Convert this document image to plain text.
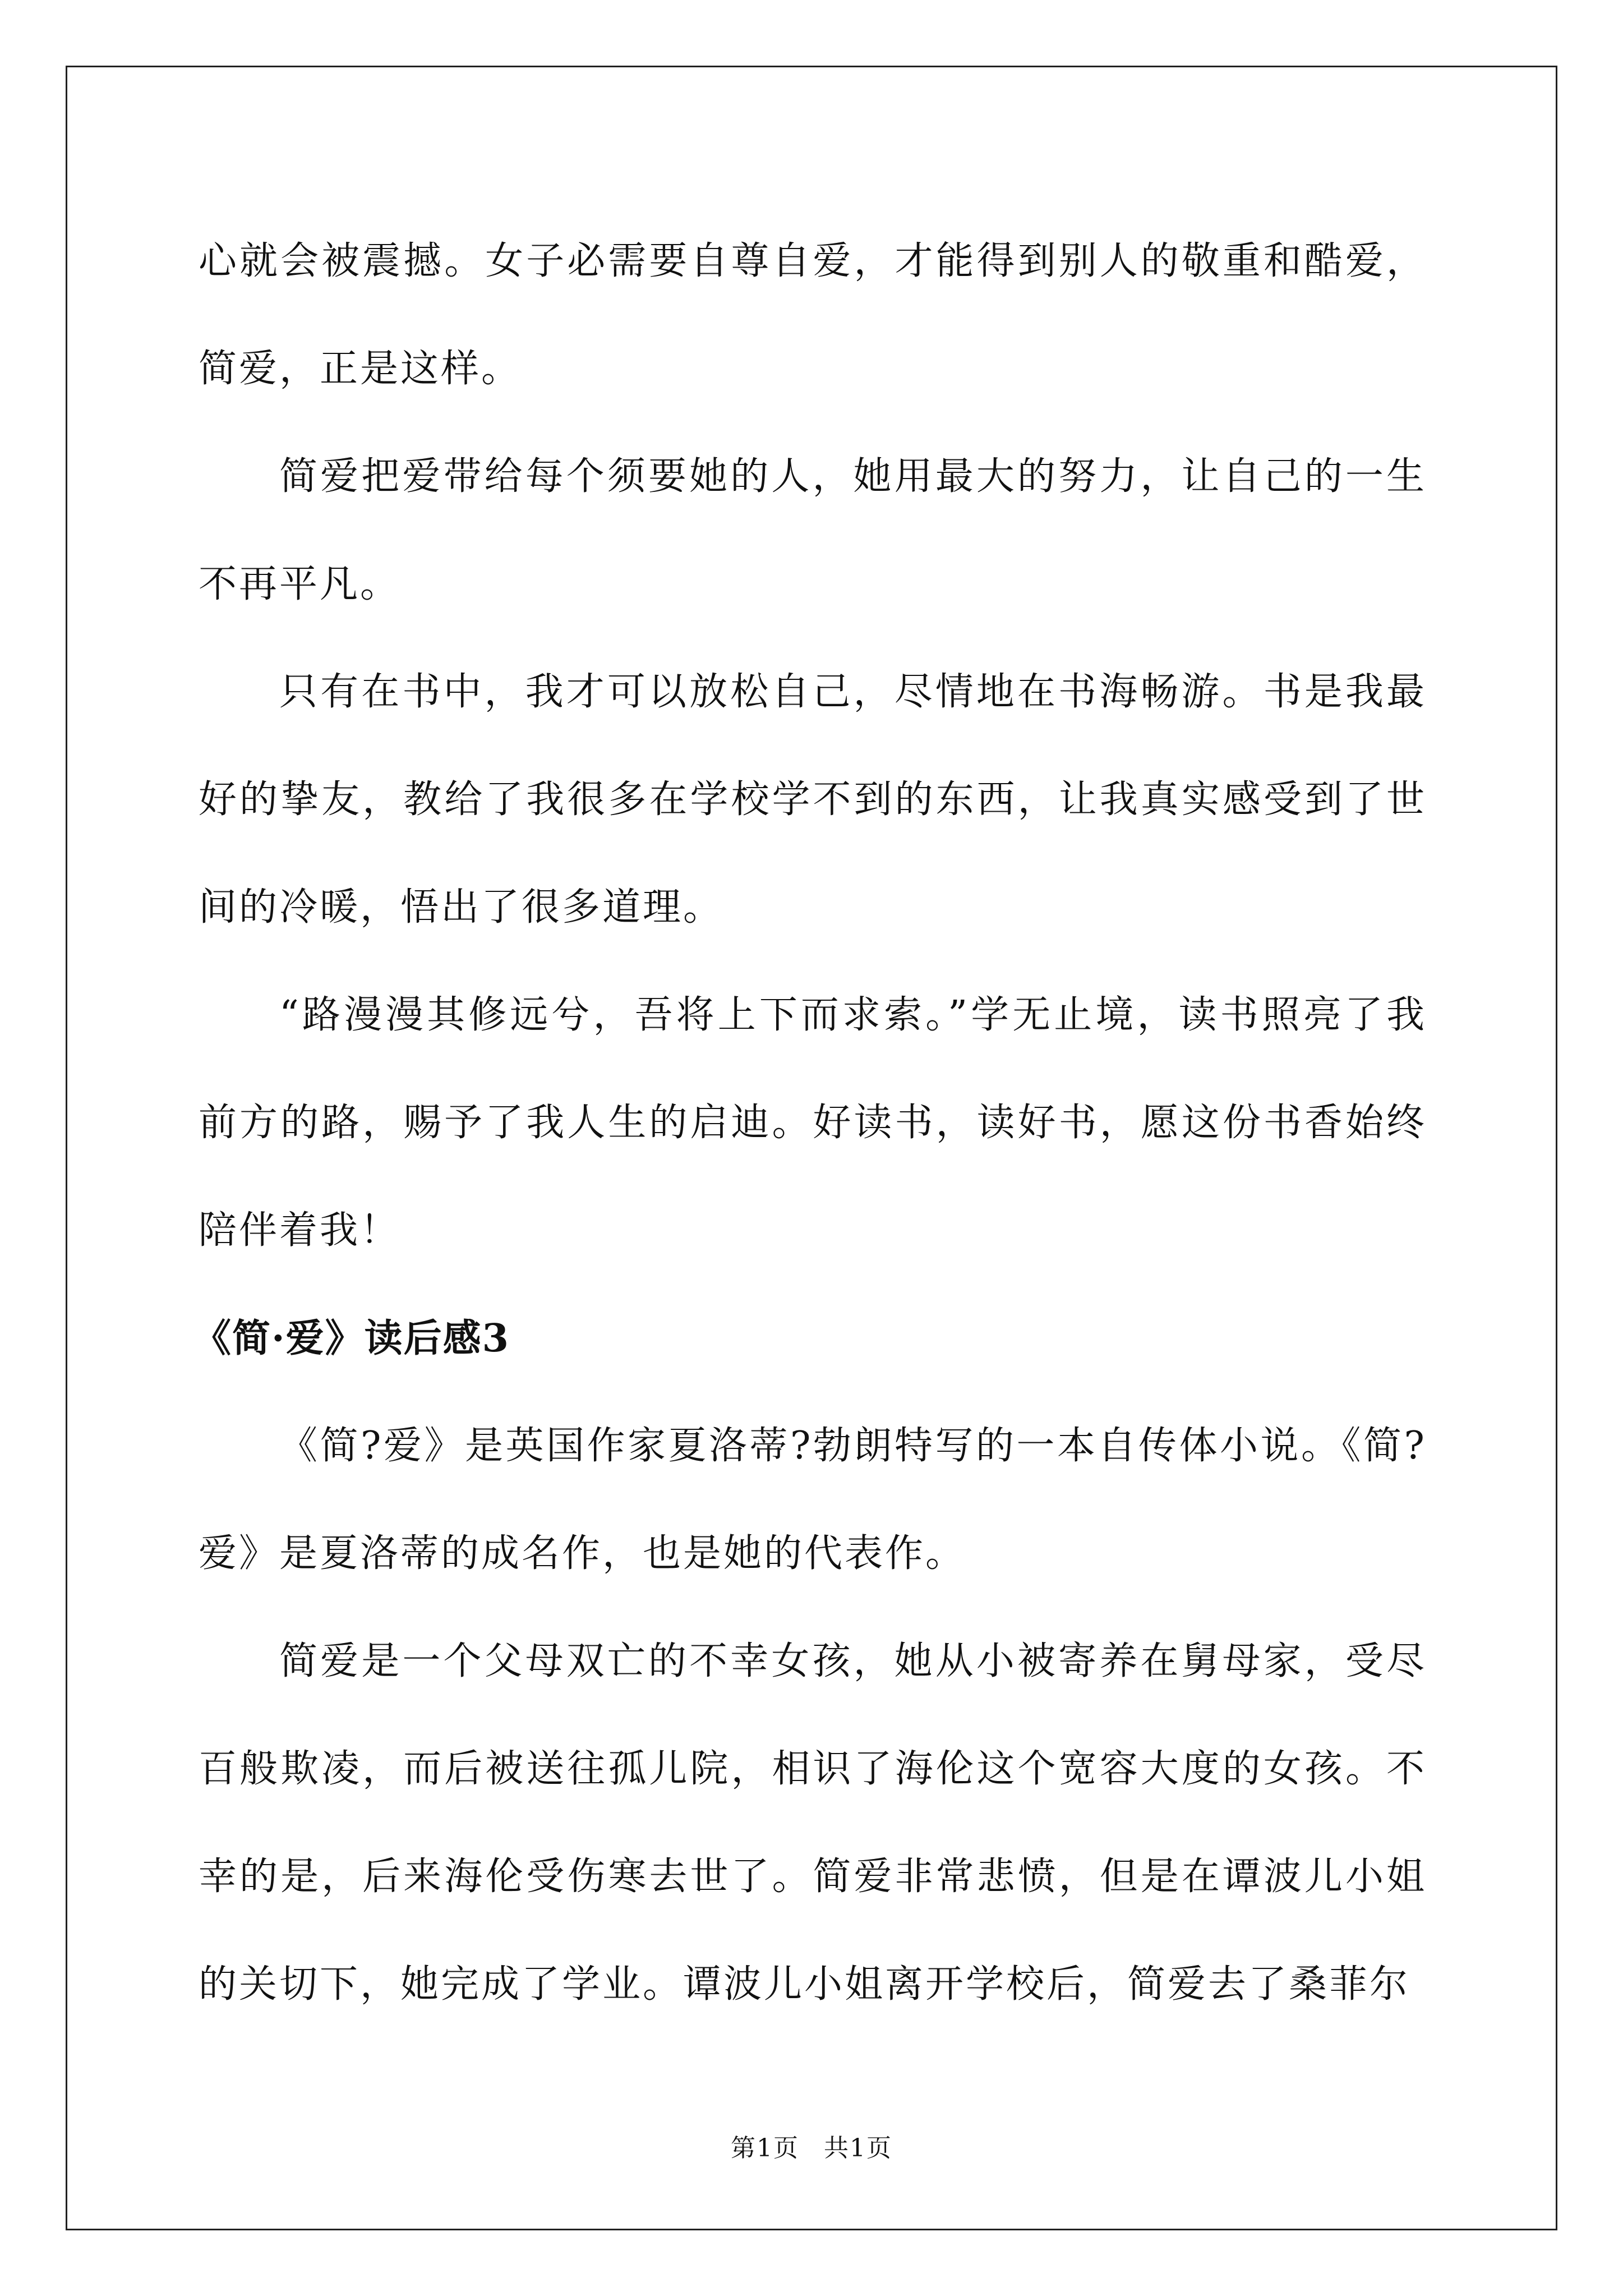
心就会被震撼。女子必需要自尊自爱，才能得到别人的敬重和酷爱，简爱，正是这样。

简爱把爱带给每个须要她的人，她用最大的努力，让自己的一生不再平凡。

只有在书中，我才可以放松自己，尽情地在书海畅游。书是我最好的挚友，教给了我很多在学校学不到的东西，让我真实感受到了世间的冷暖，悟出了很多道理。

“路漫漫其修远兮，吾将上下而求索。”学无止境，读书照亮了我前方的路，赐予了我人生的启迪。好读书，读好书，愿这份书香始终陪伴着我！

《简·爱》读后感3

《简?爱》是英国作家夏洛蒂?勃朗特写的一本自传体小说。《简?爱》是夏洛蒂的成名作，也是她的代表作。

简爱是一个父母双亡的不幸女孩，她从小被寄养在舅母家，受尽百般欺凌，而后被送往孤儿院，相识了海伦这个宽容大度的女孩。不幸的是，后来海伦受伤寒去世了。简爱非常悲愤，但是在谭波儿小姐的关切下，她完成了学业。谭波儿小姐离开学校后，简爱去了桑菲尔

第1页 共1页
